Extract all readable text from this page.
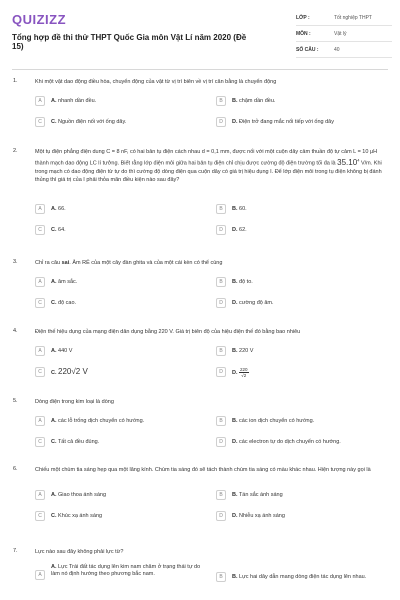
QUIZIZZ
Tổng hợp đề thi thử THPT Quốc Gia môn Vật Lí năm 2020 (Đề 15)
LỚP :	Tốt nghiệp THPT
MÔN :	Vật lý
SỐ CÂU :	40
1.	Khi một vật dao động điều hòa, chuyển động của vật từ vị trí biên về vị trí cân bằng là chuyển động
A	A. nhanh dần đều.	B	B. chậm dần đều.
C	C. Nguồn điện nối với ống dây.	D	D. Điện trở đang mắc nối tiếp với ống dây
2.	Một tụ điện phẳng điện dung C = 8 nF, có hai bản tụ điện cách nhau d = 0,1 mm, được nối với một cuộn dây cảm thuần độ tự cảm L = 10 μH thành mạch dao động LC lí tưởng. Biết rằng lớp điện môi giữa hai bản tụ điện chỉ chịu được cường độ điện trường tối đa là 35.10$^4$ V/m. Khi trong mạch có dao động điện từ tự do thì cường độ dòng điện qua cuộn dây có giá trị hiệu dụng I. Để lớp điện môi trong tụ điện không bị đánh thủng thì giá trị của I phải thỏa mãn điều kiện nào sau đây?
A	A. 66.	B	B. 60.
C	C. 64.	D	D. 62.
3.	Chỉ ra câu sai. Âm RÊ của một cây đàn ghita và của một cái kèn có thể cùng
A	A. âm sắc.	B	B. độ to.
C	C. độ cao.	D	D. cường độ âm.
4.	Điện thế hiệu dụng của mạng điện dân dụng bằng 220 V. Giá trị biên độ của hiệu điện thế đó bằng bao nhiêu
A	A. 440 V	B	B. 220 V
C	C. 220√2 V	D	D. $\frac{220}{√2}$
5.	Dòng điện trong kim loại là dòng
A	A. các lỗ trống dịch chuyển có hướng.	B	B. các ion dịch chuyển có hướng.
C	C. Tất cả đều đúng.	D	D. các electron tự do dịch chuyển có hướng.
6.	Chiếu một chùm tia sáng hẹp qua một lăng kính. Chùm tia sáng đó sẽ tách thành chùm tia sáng có màu khác nhau. Hiện tượng này gọi là
A	A. Giao thoa ánh sáng	B	B. Tán sắc ánh sáng
C	C. Khúc xạ ánh sáng	D	D. Nhiễu xạ ánh sáng
7.	Lực nào sau đây không phải lực từ?
A
A. Lực Trái đất tác dụng lên kim nam châm ở trạng thái tự do làm nó định hướng theo phương bắc nam.	B	B. Lực hai dây dẫn mang dòng điện tác dụng lên nhau.
